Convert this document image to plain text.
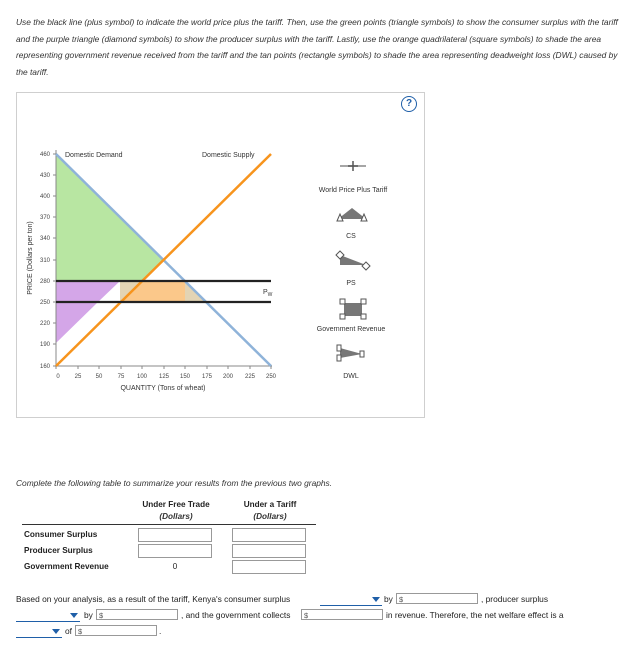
Use the black line (plus symbol) to indicate the world price plus the tariff. Then, use the green points (triangle symbols) to show the consumer surplus with the tariff and the purple triangle (diamond symbols) to show the producer surplus with the tariff. Lastly, use the orange quadrilateral (square symbols) to shade the area representing government revenue received from the tariff and the tan points (rectangle symbols) to shade the area representing deadweight loss (DWL) caused by the tariff.
?
460
430
400
370
340
310
280
250
220
190
160
0 25 50	75 100 125 150 175 200 225 250
QUANTITY (Tons of wheat)
PRICE (Dollars per ton)
Domestic Demand	Domestic Supply
$P_W$
World Price Plus Tariff
CS
PS
Government Revenue
DWL
Complete the following table to summarize your results from the previous two graphs.
Under Free Trade
(Dollars)
Under a Tariff
(Dollars)
Consumer Surplus
Producer Surplus
Government Revenue	0
Based on your analysis, as a result of the tariff, Kenya's consumer surplus	by $	, producer surplus
by $	, and the government collects	$	in revenue. Therefore, the net welfare effect is a
of $	.
